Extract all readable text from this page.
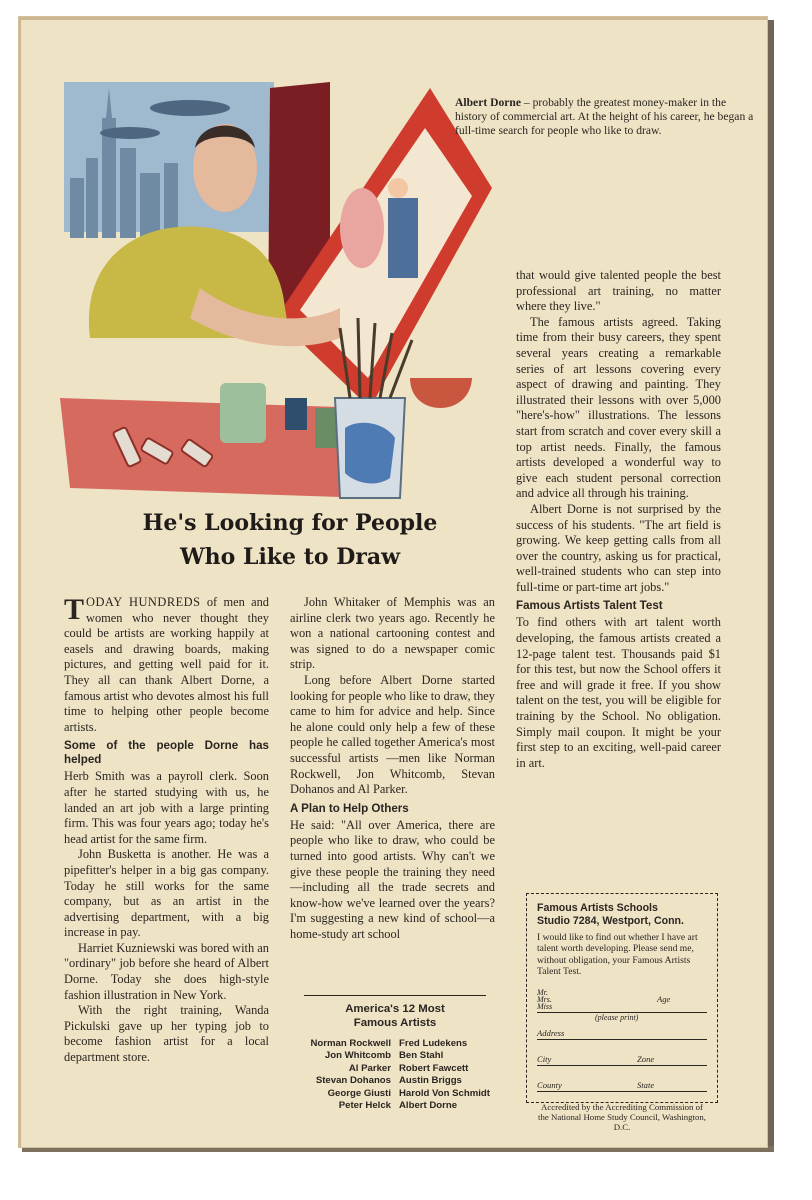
Albert Dorne – probably the greatest money-maker in the history of commercial art. At the height of his career, he began a full-time search for people who like to draw.
He's Looking for People
Who Like to Draw

TODAY HUNDREDS of men and women who never thought they could be artists are working happily at easels and drawing boards, making pictures, and getting well paid for it. They all can thank Albert Dorne, a famous artist who devotes almost his full time to helping other people become artists.

Some of the people Dorne has helped

Herb Smith was a payroll clerk. Soon after he started studying with us, he landed an art job with a large printing firm. This was four years ago; today he's head artist for the same firm.

John Busketta is another. He was a pipefitter's helper in a big gas company. Today he still works for the same company, but as an artist in the advertising department, with a big increase in pay.

Harriet Kuzniewski was bored with an "ordinary" job before she heard of Albert Dorne. Today she does high-style fashion illustration in New York.

With the right training, Wanda Pickulski gave up her typing job to become fashion artist for a local department store.

John Whitaker of Memphis was an airline clerk two years ago. Recently he won a national cartooning contest and was signed to do a newspaper comic strip.

Long before Albert Dorne started looking for people who like to draw, they came to him for advice and help. Since he alone could only help a few of these people he called together America's most successful artists —men like Norman Rockwell, Jon Whitcomb, Stevan Dohanos and Al Parker.

A Plan to Help Others

He said: "All over America, there are people who like to draw, who could be turned into good artists. Why can't we give these people the training they need—including all the trade secrets and know-how we've learned over the years? I'm suggesting a new kind of school—a home-study art school

America's 12 Most
Famous Artists
Norman Rockwell Fred Ludekens
Jon Whitcomb Ben Stahl
Al Parker Robert Fawcett
Stevan Dohanos Austin Briggs
George Giusti Harold Von Schmidt
Peter Helck Albert Dorne

that would give talented people the best professional art training, no matter where they live."

The famous artists agreed. Taking time from their busy careers, they spent several years creating a remarkable series of art lessons covering every aspect of drawing and painting. They illustrated their lessons with over 5,000 "here's-how" illustrations. The lessons start from scratch and cover every skill a top artist needs. Finally, the famous artists developed a wonderful way to give each student personal correction and advice all through his training.

Albert Dorne is not surprised by the success of his students. "The art field is growing. We keep getting calls from all over the country, asking us for practical, well-trained students who can step into full-time or part-time art jobs."

Famous Artists Talent Test

To find others with art talent worth developing, the famous artists created a 12-page talent test. Thousands paid $1 for this test, but now the School offers it free and will grade it free. If you show talent on the test, you will be eligible for training by the School. No obligation. Simply mail coupon. It might be your first step to an exciting, well-paid career in art.

Famous Artists Schools
Studio 7284, Westport, Conn.
I would like to find out whether I have art talent worth developing. Please send me, without obligation, your Famous Artists Talent Test.
Mr.
Mrs.
Miss
Age
(please print)
Address
City	Zone
County	State
Accredited by the Accrediting Commission of the National Home Study Council, Washington, D.C.
